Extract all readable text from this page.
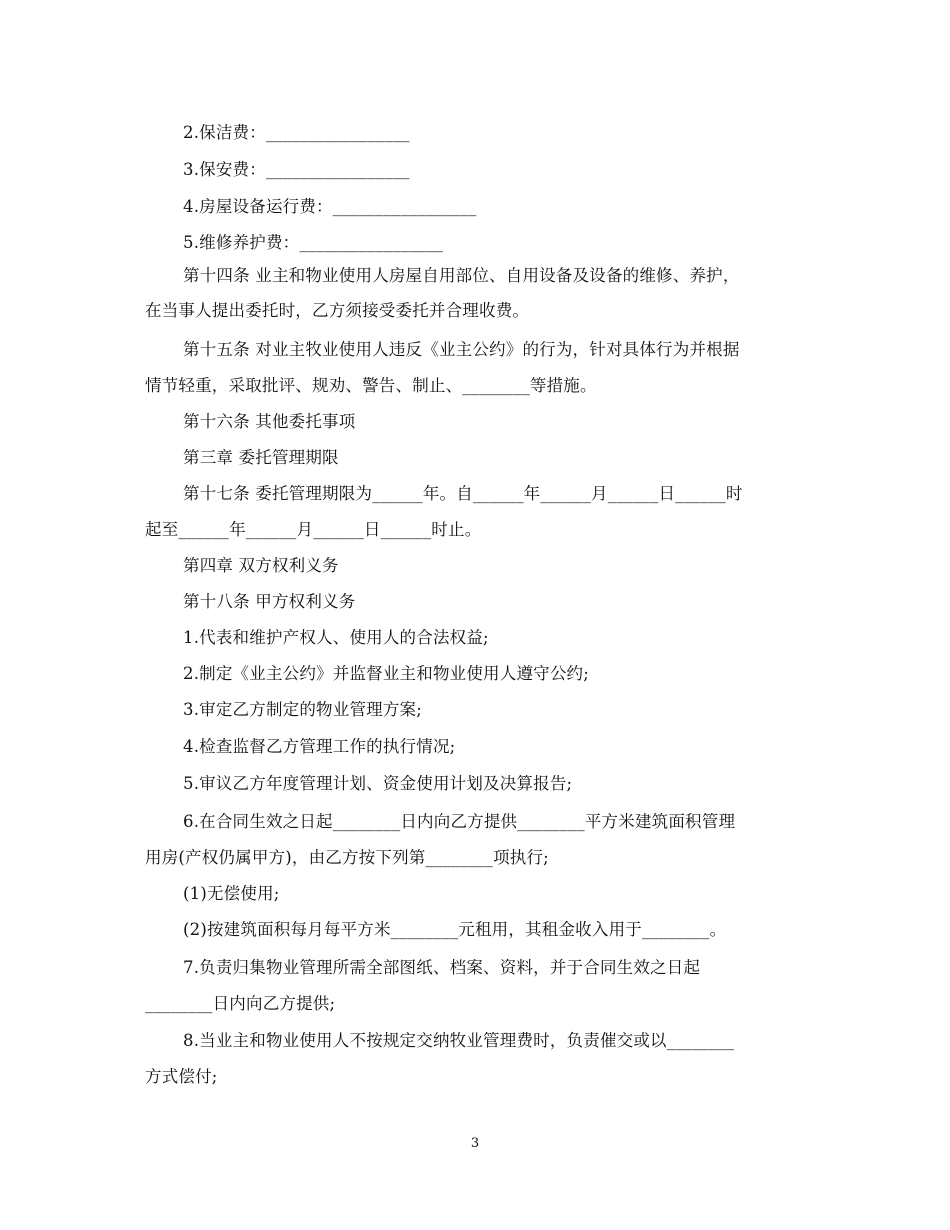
2.保洁费：_________________
3.保安费：_________________
4.房屋设备运行费：_________________
5.维修养护费：_________________
第十四条 业主和物业使用人房屋自用部位、自用设备及设备的维修、养护，
在当事人提出委托时，乙方须接受委托并合理收费。
第十五条 对业主牧业使用人违反《业主公约》的行为，针对具体行为并根据
情节轻重，采取批评、规劝、警告、制止、________等措施。
第十六条 其他委托事项
第三章 委托管理期限
第十七条 委托管理期限为______年。自______年______月______日______时
起至______年______月______日______时止。
第四章 双方权利义务
第十八条 甲方权利义务
1.代表和维护产权人、使用人的合法权益;
2.制定《业主公约》并监督业主和物业使用人遵守公约;
3.审定乙方制定的物业管理方案;
4.检查监督乙方管理工作的执行情况;
5.审议乙方年度管理计划、资金使用计划及决算报告;
6.在合同生效之日起________日内向乙方提供________平方米建筑面积管理
用房(产权仍属甲方)，由乙方按下列第________项执行;
(1)无偿使用;
(2)按建筑面积每月每平方米________元租用，其租金收入用于________。
7.负责归集物业管理所需全部图纸、档案、资料，并于合同生效之日起
________日内向乙方提供;
8.当业主和物业使用人不按规定交纳牧业管理费时，负责催交或以________
方式偿付;
3
